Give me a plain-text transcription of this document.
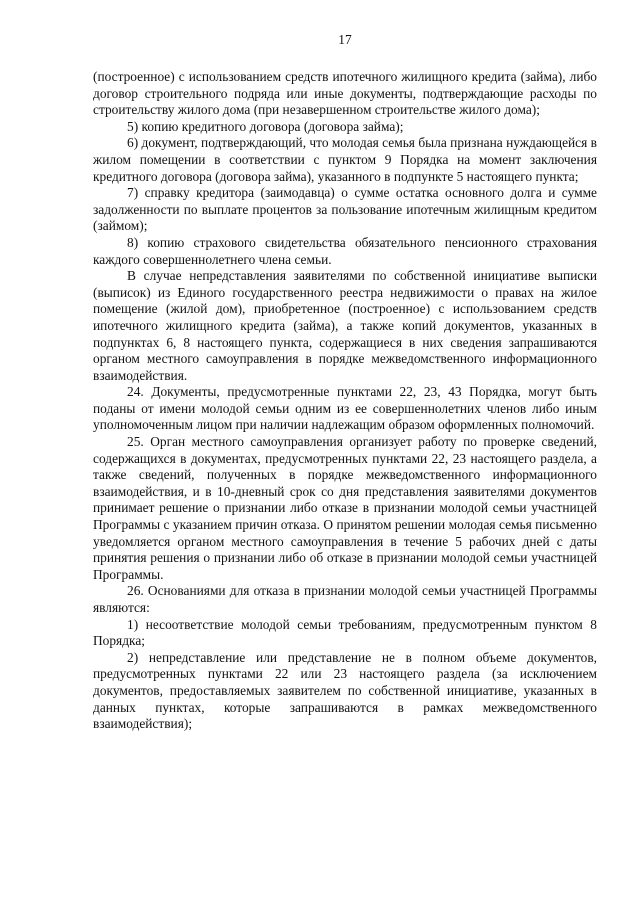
17

(построенное) с использованием средств ипотечного жилищного кредита (займа), либо договор строительного подряда или иные документы, подтверждающие расходы по строительству жилого дома (при незавершенном строительстве жилого дома);

5) копию кредитного договора (договора займа);

6) документ, подтверждающий, что молодая семья была признана нуждающейся в жилом помещении в соответствии с пунктом 9 Порядка на момент заключения кредитного договора (договора займа), указанного в подпункте 5 настоящего пункта;

7) справку кредитора (заимодавца) о сумме остатка основного долга и сумме задолженности по выплате процентов за пользование ипотечным жилищным кредитом (займом);

8) копию страхового свидетельства обязательного пенсионного страхования каждого совершеннолетнего члена семьи.

В случае непредставления заявителями по собственной инициативе выписки (выписок) из Единого государственного реестра недвижимости о правах на жилое помещение (жилой дом), приобретенное (построенное) с использованием средств ипотечного жилищного кредита (займа), а также копий документов, указанных в подпунктах 6, 8 настоящего пункта, содержащиеся в них сведения запрашиваются органом местного самоуправления в порядке межведомственного информационного взаимодействия.

24. Документы, предусмотренные пунктами 22, 23, 43 Порядка, могут быть поданы от имени молодой семьи одним из ее совершеннолетних членов либо иным уполномоченным лицом при наличии надлежащим образом оформленных полномочий.

25. Орган местного самоуправления организует работу по проверке сведений, содержащихся в документах, предусмотренных пунктами 22, 23 настоящего раздела, а также сведений, полученных в порядке межведомственного информационного взаимодействия, и в 10-дневный срок со дня представления заявителями документов принимает решение о признании либо отказе в признании молодой семьи участницей Программы с указанием причин отказа. О принятом решении молодая семья письменно уведомляется органом местного самоуправления в течение 5 рабочих дней с даты принятия решения о признании либо об отказе в признании молодой семьи участницей Программы.

26. Основаниями для отказа в признании молодой семьи участницей Программы являются:

1) несоответствие молодой семьи требованиям, предусмотренным пунктом 8 Порядка;

2) непредставление или представление не в полном объеме документов, предусмотренных пунктами 22 или 23 настоящего раздела (за исключением документов, предоставляемых заявителем по собственной инициативе, указанных в данных пунктах, которые запрашиваются в рамках межведомственного взаимодействия);
